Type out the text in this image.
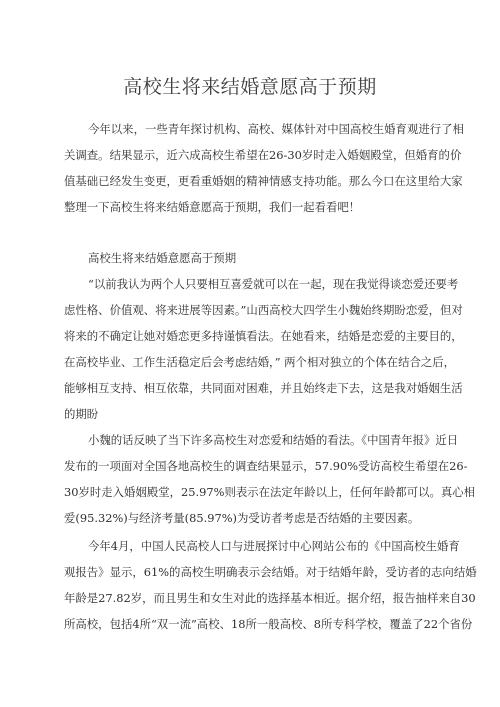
高校生将来结婚意愿高于预期
今年以来，一些青年探讨机构、高校、媒体针对中国高校生婚育观进行了相
关调查。结果显示，近六成高校生希望在26-30岁时走入婚姻殿堂，但婚育的价
值基础已经发生变更，更看重婚姻的精神情感支持功能。那么今口在这里给大家
整理一下高校生将来结婚意愿高于预期，我们一起看看吧！
高校生将来结婚意愿高于预期
“以前我认为两个人只要相互喜爱就可以在一起，现在我觉得谈恋爱还要考
虑性格、价值观、将来进展等因素。”山西高校大四学生小魏始终期盼恋爱，但对
将来的不确定让她对婚恋更多持谨慎看法。在她看来，结婚是恋爱的主要目的，
在高校毕业、工作生活稳定后会考虑结婚，” 两个相对独立的个体在结合之后，
能够相互支持、相互依靠，共同面对困难，并且始终走下去，这是我对婚姻生活
的期盼
小魏的话反映了当下许多高校生对恋爱和结婚的看法。《中国青年报》近日
发布的一项面对全国各地高校生的调查结果显示，57.90%受访高校生希望在26-
30岁时走入婚姻殿堂，25.97%则表示在法定年龄以上，任何年龄都可以。真心相
爱(95.32%)与经济考量(85.97%)为受访者考虑是否结婚的主要因素。
今年4月，中国人民高校人口与进展探讨中心网站公布的《中国高校生婚育
观报告》显示，61%的高校生明确表示会结婚。对于结婚年龄，受访者的志向结婚
年龄是27.82岁，而且男生和女生对此的选择基本相近。据介绍，报告抽样来自30
所高校，包括4所“双一流”高校、18所一般高校、8所专科学校，覆盖了22个省份
